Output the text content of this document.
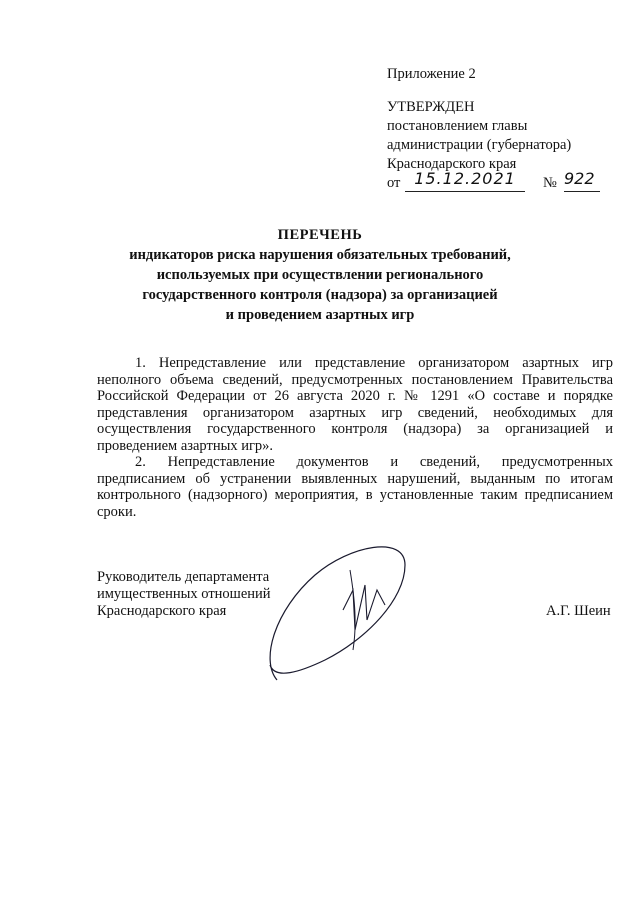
Приложение 2
УТВЕРЖДЕН
постановлением главы
администрации (губернатора)
Краснодарского края
от 15.12.2021	№ 922
ПЕРЕЧЕНЬ
индикаторов риска нарушения обязательных требований,
используемых при осуществлении регионального
государственного контроля (надзора) за организацией
и проведением азартных игр

1. Непредставление или представление организатором азартных игр неполного объема сведений, предусмотренных постановлением Правительства Российской Федерации от 26 августа 2020 г. № 1291 «О составе и порядке представления организатором азартных игр сведений, необходимых для осуществления государственного контроля (надзора) за организацией и проведением азартных игр».

2. Непредставление документов и сведений, предусмотренных предписанием об устранении выявленных нарушений, выданным по итогам контрольного (надзорного) мероприятия, в установленные таким предписанием сроки.

Руководитель департамента
имущественных отношений
Краснодарского края	А.Г. Шеин
